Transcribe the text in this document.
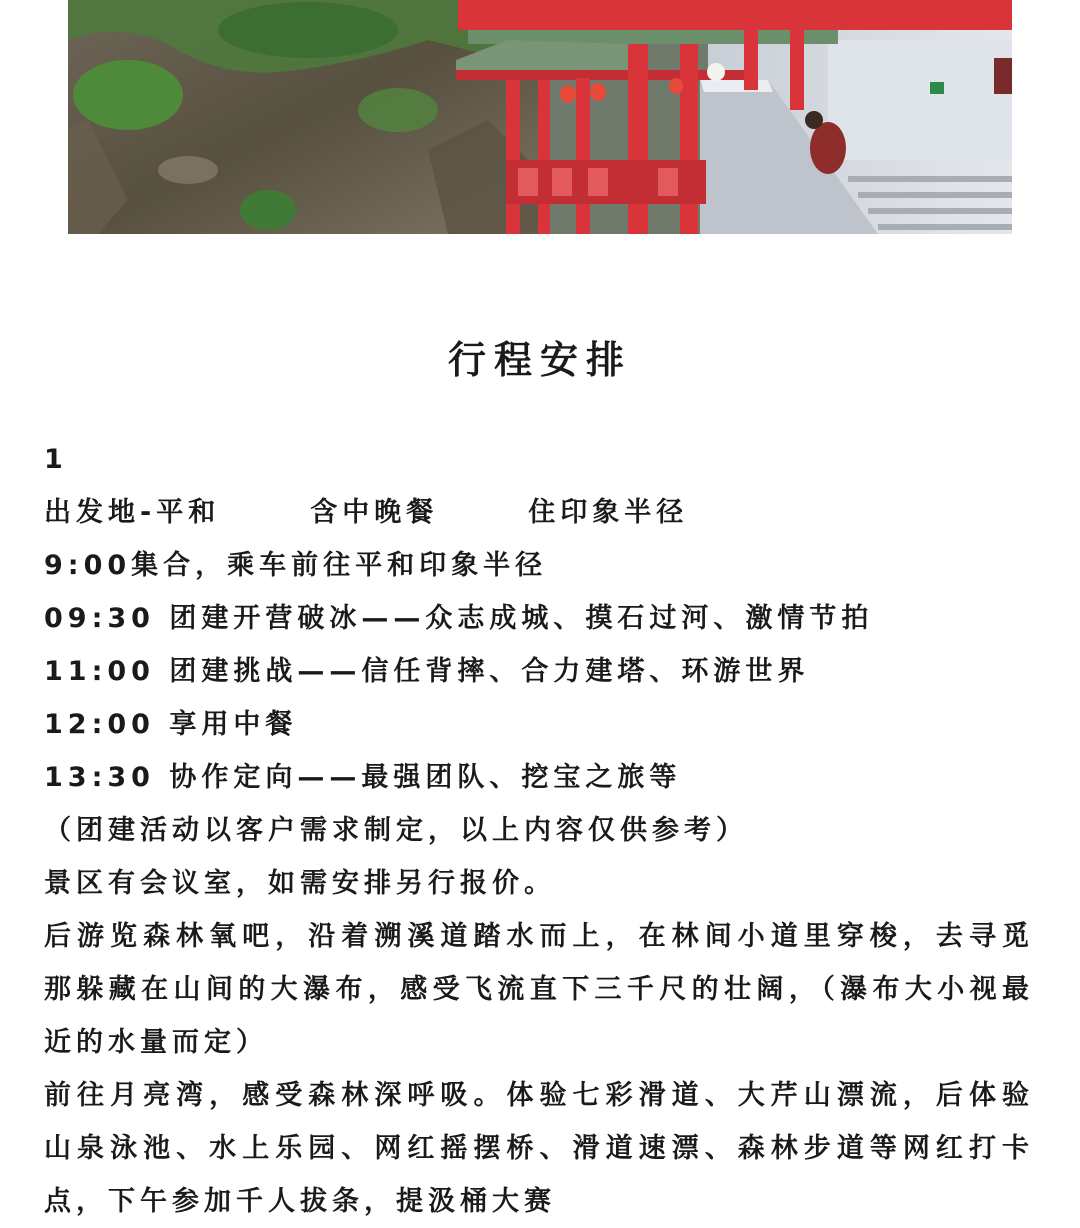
行程安排
1
出发地-平和	含中晚餐	住印象半径
9:00集合，乘车前往平和印象半径
09:30 团建开营破冰——众志成城、摸石过河、激情节拍
11:00 团建挑战——信任背摔、合力建塔、环游世界
12:00 享用中餐
13:30 协作定向——最强团队、挖宝之旅等
（团建活动以客户需求制定，以上内容仅供参考）
景区有会议室，如需安排另行报价。
后游览森林氧吧，沿着溯溪道踏水而上，在林间小道里穿梭，去寻觅那躲藏在山间的大瀑布，感受飞流直下三千尺的壮阔，（瀑布大小视最近的水量而定）
前往月亮湾，感受森林深呼吸。体验七彩滑道、大芹山漂流，后体验山泉泳池、水上乐园、网红摇摆桥、滑道速漂、森林步道等网红打卡点，下午参加千人拔条，提汲桶大赛
